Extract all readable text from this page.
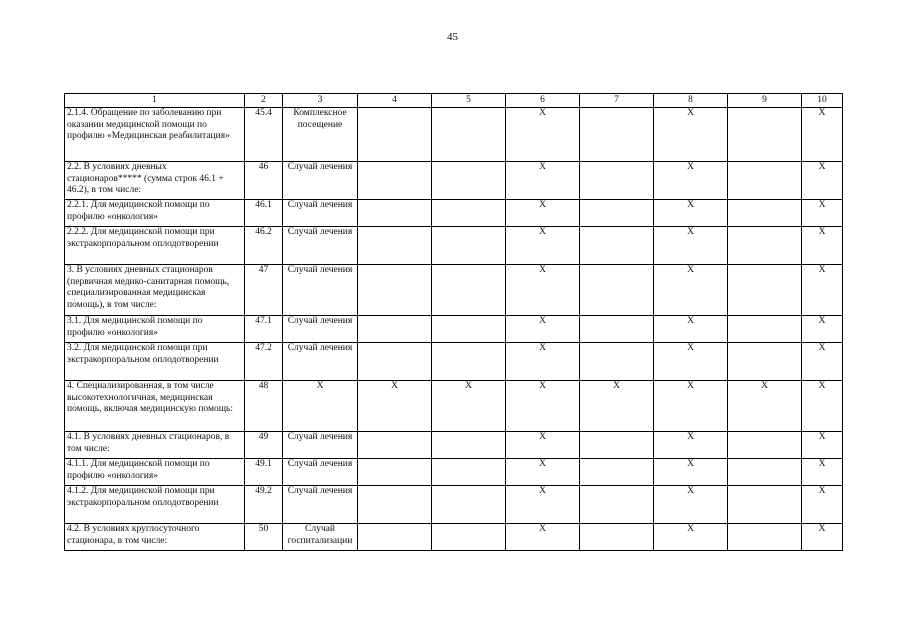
45
1	2	3	4	5	6	7	8	9	10
2.1.4. Обращение по заболеванию при оказании медицинской помощи по профилю «Медицинская реабилитация»	45.4	Комплексное посещение			X		X		X
2.2. В условиях дневных стационаров***** (сумма строк 46.1 + 46.2), в том числе:	46	Случай лечения			X		X		X
2.2.1. Для медицинской помощи по профилю «онкология»	46.1	Случай лечения			X		X		X
2.2.2. Для медицинской помощи при экстракорпоральном оплодотворении	46.2	Случай лечения			X		X		X
3. В условиях дневных стационаров (первичная медико-санитарная помощь, специализированная медицинская помощь), в том числе:	47	Случай лечения			X		X		X
3.1. Для медицинской помощи по профилю «онкология»	47.1	Случай лечения			X		X		X
3.2. Для медицинской помощи при экстракорпоральном оплодотворении	47.2	Случай лечения			X		X		X
4. Специализированная, в том числе высокотехнологичная, медицинская помощь, включая медицинскую помощь:	48	X	X	X	X	X	X	X	X
4.1. В условиях дневных стационаров, в том числе:	49	Случай лечения			X		X		X
4.1.1. Для медицинской помощи по профилю «онкология»	49.1	Случай лечения			X		X		X
4.1.2. Для медицинской помощи при экстракорпоральном оплодотворении	49.2	Случай лечения			X		X		X
4.2. В условиях круглосуточного стационара, в том числе:	50	Случай госпитализации			X		X		X
